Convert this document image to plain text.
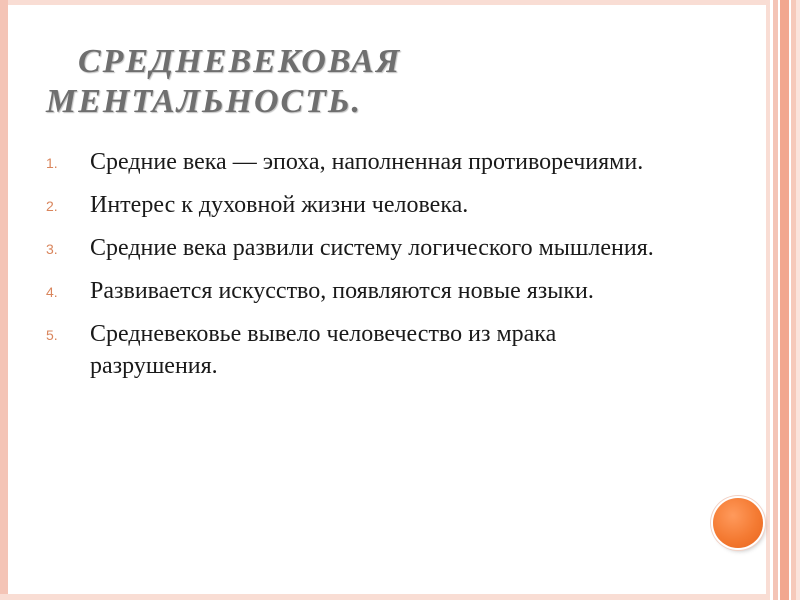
СРЕДНЕВЕКОВАЯ
МЕНТАЛЬНОСТЬ.
1.	Средние века — эпоха, наполненная противоречиями.
2.	Интерес к духовной жизни человека.
3.	Средние века развили систему логического мышления.
4.	Развивается искусство, появляются новые языки.
5.	Средневековье вывело человечество из мрака разрушения.
